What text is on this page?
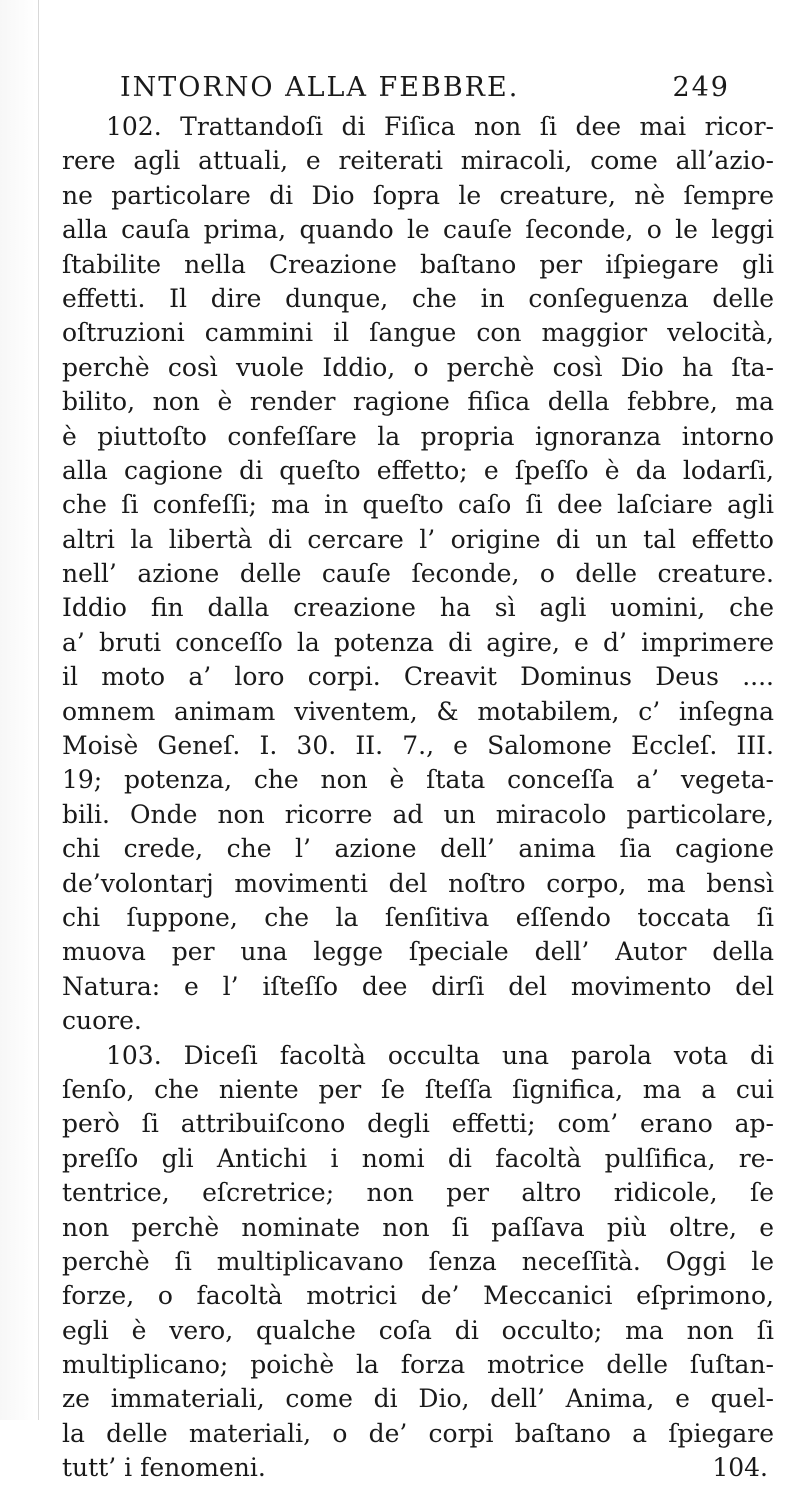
INTORNO ALLA FEBBRE.	249
102. Trattandoſi di Fiſica non ſi dee mai ricor-
rere agli attuali, e reiterati miracoli, come all’azio-
ne particolare di Dio ſopra le creature, nè ſempre
alla cauſa prima, quando le cauſe ſeconde, o le leggi
ſtabilite nella Creazione baſtano per iſpiegare gli
effetti. Il dire dunque, che in conſeguenza delle
oſtruzioni cammini il ſangue con maggior velocità,
perchè così vuole Iddio, o perchè così Dio ha ſta-
bilito, non è render ragione fiſica della febbre, ma
è piuttoſto confeſſare la propria ignoranza intorno
alla cagione di queſto effetto; e ſpeſſo è da lodarſi,
che ſi confeſſi; ma in queſto caſo ſi dee laſciare agli
altri la libertà di cercare l’ origine di un tal effetto
nell’ azione delle cauſe ſeconde, o delle creature.
Iddio fin dalla creazione ha sì agli uomini, che
a’ bruti conceſſo la potenza di agire, e d’ imprimere
il moto a’ loro corpi. Creavit Dominus Deus ....
omnem animam viventem, & motabilem, c’ inſegna
Moisè Geneſ. I. 30. II. 7., e Salomone Eccleſ. III.
19; potenza, che non è ſtata conceſſa a’ vegeta-
bili. Onde non ricorre ad un miracolo particolare,
chi crede, che l’ azione dell’ anima ſia cagione
de’volontarj movimenti del noſtro corpo, ma bensì
chi ſuppone, che la ſenſitiva eſſendo toccata ſi
muova per una legge ſpeciale dell’ Autor della
Natura: e l’ iſteſſo dee dirſi del movimento del
cuore.
103. Diceſi facoltà occulta una parola vota di
ſenſo, che niente per ſe ſteſſa ſignifica, ma a cui
però ſi attribuiſcono degli effetti; com’ erano ap-
preſſo gli Antichi i nomi di facoltà pulſifica, re-
tentrice, eſcretrice; non per altro ridicole, ſe
non perchè nominate non ſi paſſava più oltre, e
perchè ſi multiplicavano ſenza neceſſità. Oggi le
forze, o facoltà motrici de’ Meccanici eſprimono,
egli è vero, qualche coſa di occulto; ma non ſi
multiplicano; poichè la forza motrice delle ſuſtan-
ze immateriali, come di Dio, dell’ Anima, e quel-
la delle materiali, o de’ corpi baſtano a ſpiegare
tutt’ i fenomeni.	104.
